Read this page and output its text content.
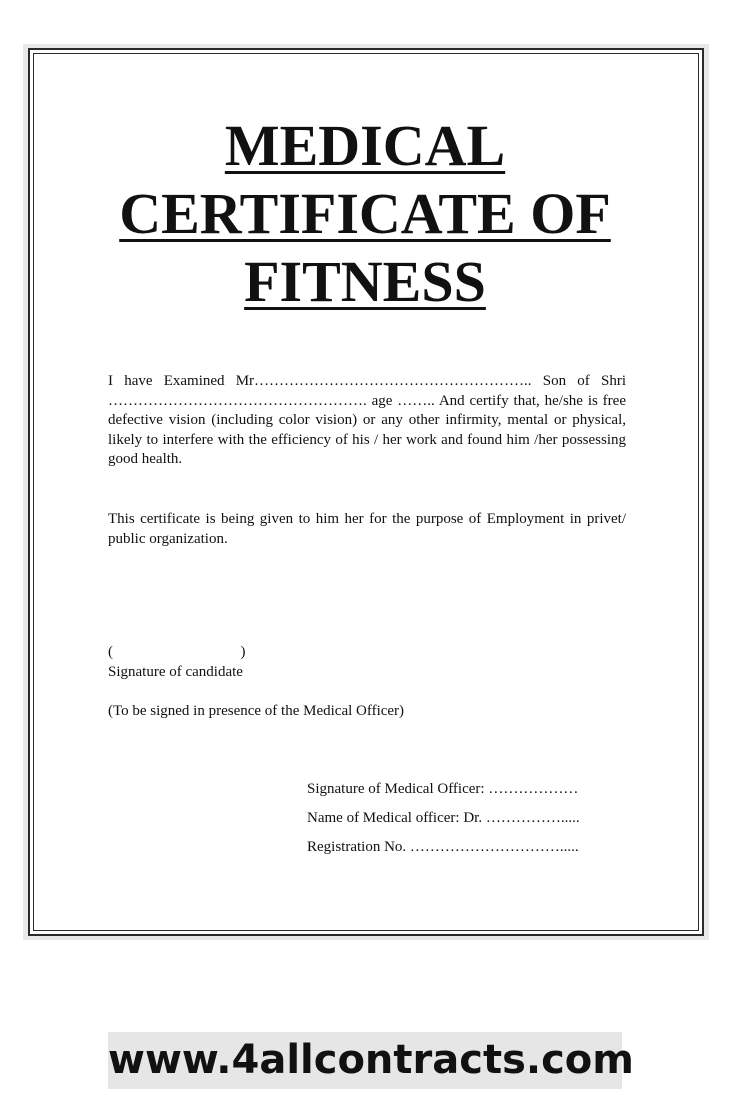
MEDICAL
CERTIFICATE OF
FITNESS

I have Examined Mr……………………………………………….. Son of Shri ……………………………………………. age …….. And certify that, he/she is free defective vision (including color vision) or any other infirmity, mental or physical, likely to interfere with the efficiency of his / her work and found him /her possessing good health.

This certificate is being given to him her for the purpose of Employment in privet/ public organization.

(                                  )

Signature of candidate

(To be signed in presence of the Medical Officer)

Signature of Medical Officer: ………………

Name of Medical officer: Dr. …………….....

Registration No. ………………………….....

www.4allcontracts.com
